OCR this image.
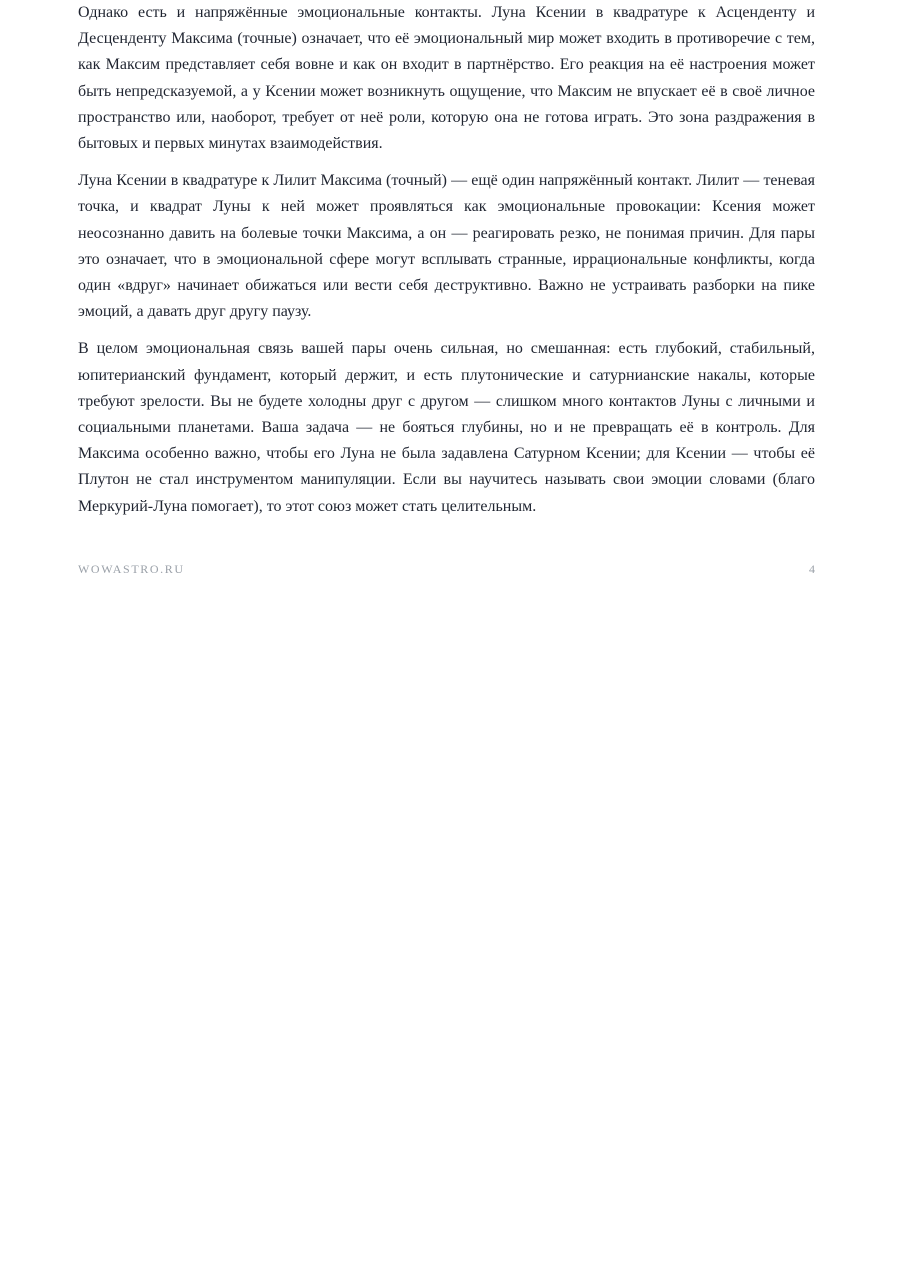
Однако есть и напряжённые эмоциональные контакты. Луна Ксении в квадратуре к Асценденту и Десценденту Максима (точные) означает, что её эмоциональный мир может входить в противоречие с тем, как Максим представляет себя вовне и как он входит в партнёрство. Его реакция на её настроения может быть непредсказуемой, а у Ксении может возникнуть ощущение, что Максим не впускает её в своё личное пространство или, наоборот, требует от неё роли, которую она не готова играть. Это зона раздражения в бытовых и первых минутах взаимодействия.

Луна Ксении в квадратуре к Лилит Максима (точный) — ещё один напряжённый контакт. Лилит — теневая точка, и квадрат Луны к ней может проявляться как эмоциональные провокации: Ксения может неосознанно давить на болевые точки Максима, а он — реагировать резко, не понимая причин. Для пары это означает, что в эмоциональной сфере могут всплывать странные, иррациональные конфликты, когда один «вдруг» начинает обижаться или вести себя деструктивно. Важно не устраивать разборки на пике эмоций, а давать друг другу паузу.

В целом эмоциональная связь вашей пары очень сильная, но смешанная: есть глубокий, стабильный, юпитерианский фундамент, который держит, и есть плутонические и сатурнианские накалы, которые требуют зрелости. Вы не будете холодны друг с другом — слишком много контактов Луны с личными и социальными планетами. Ваша задача — не бояться глубины, но и не превращать её в контроль. Для Максима особенно важно, чтобы его Луна не была задавлена Сатурном Ксении; для Ксении — чтобы её Плутон не стал инструментом манипуляции. Если вы научитесь называть свои эмоции словами (благо Меркурий-Луна помогает), то этот союз может стать целительным.

WOWASTRO.RU	4
